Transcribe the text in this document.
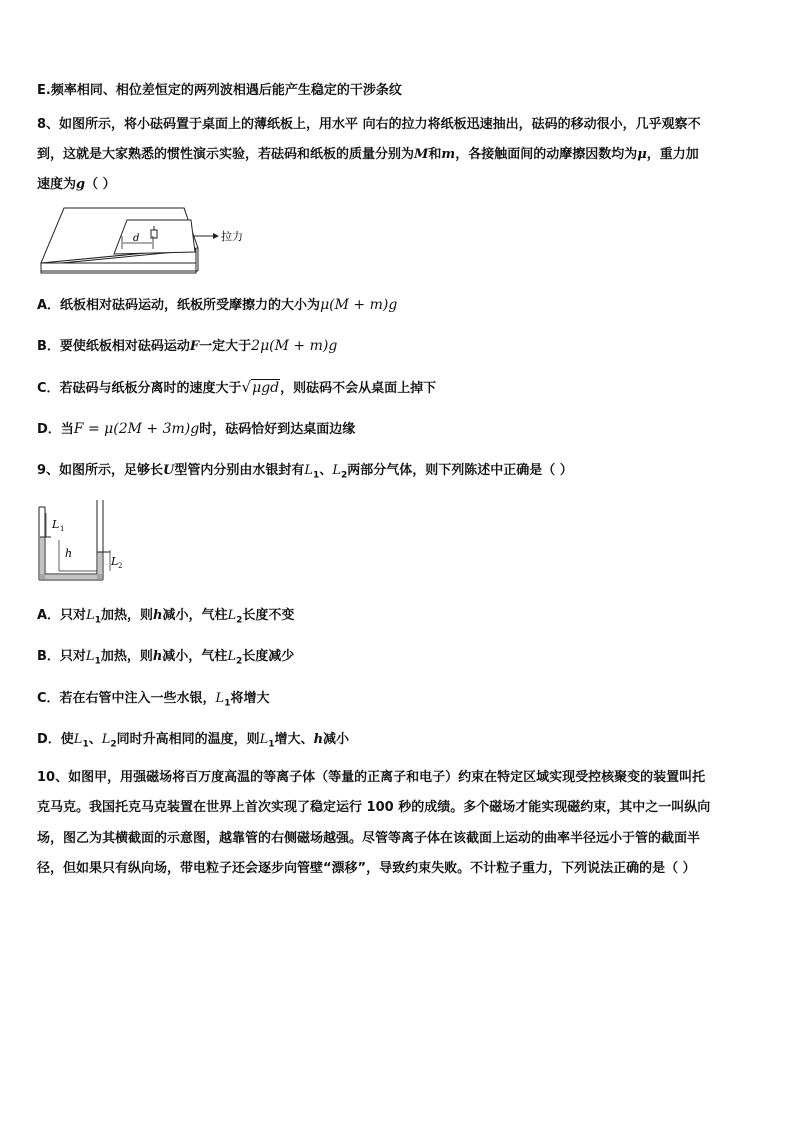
E.频率相同、相位差恒定的两列波相遇后能产生稳定的干涉条纹
8、如图所示，将小砝码置于桌面上的薄纸板上，用水平 向右的拉力将纸板迅速抽出，砝码的移动很小，几乎观察不
到，这就是大家熟悉的惯性演示实验，若砝码和纸板的质量分别为M和m，各接触面间的动摩擦因数均为μ，重力加
速度为g（ ）
d	拉力
A．纸板相对砝码运动，纸板所受摩擦力的大小为μ(M + m)g
B．要使纸板相对砝码运动F一定大于2μ(M + m)g
C．若砝码与纸板分离时的速度大于√μgd，则砝码不会从桌面上掉下
D．当F = μ(2M + 3m)g时，砝码恰好到达桌面边缘
9、如图所示，足够长U型管内分别由水银封有$L_1$、$L_2$两部分气体，则下列陈述中正确是（ ）
L 1
h
L 2
A．只对$L_1$加热，则h减小，气柱$L_2$长度不变
B．只对$L_1$加热，则h减小，气柱$L_2$长度减少
C．若在右管中注入一些水银，$L_1$将增大
D．使$L_1$、$L_2$同时升高相同的温度，则$L_1$增大、h减小
10、如图甲，用强磁场将百万度高温的等离子体（等量的正离子和电子）约束在特定区域实现受控核聚变的装置叫托
克马克。我国托克马克装置在世界上首次实现了稳定运行 100 秒的成绩。多个磁场才能实现磁约束，其中之一叫纵向
场，图乙为其横截面的示意图，越靠管的右侧磁场越强。尽管等离子体在该截面上运动的曲率半径远小于管的截面半
径，但如果只有纵向场，带电粒子还会逐步向管壁“漂移”，导致约束失败。不计粒子重力，下列说法正确的是（ ）
